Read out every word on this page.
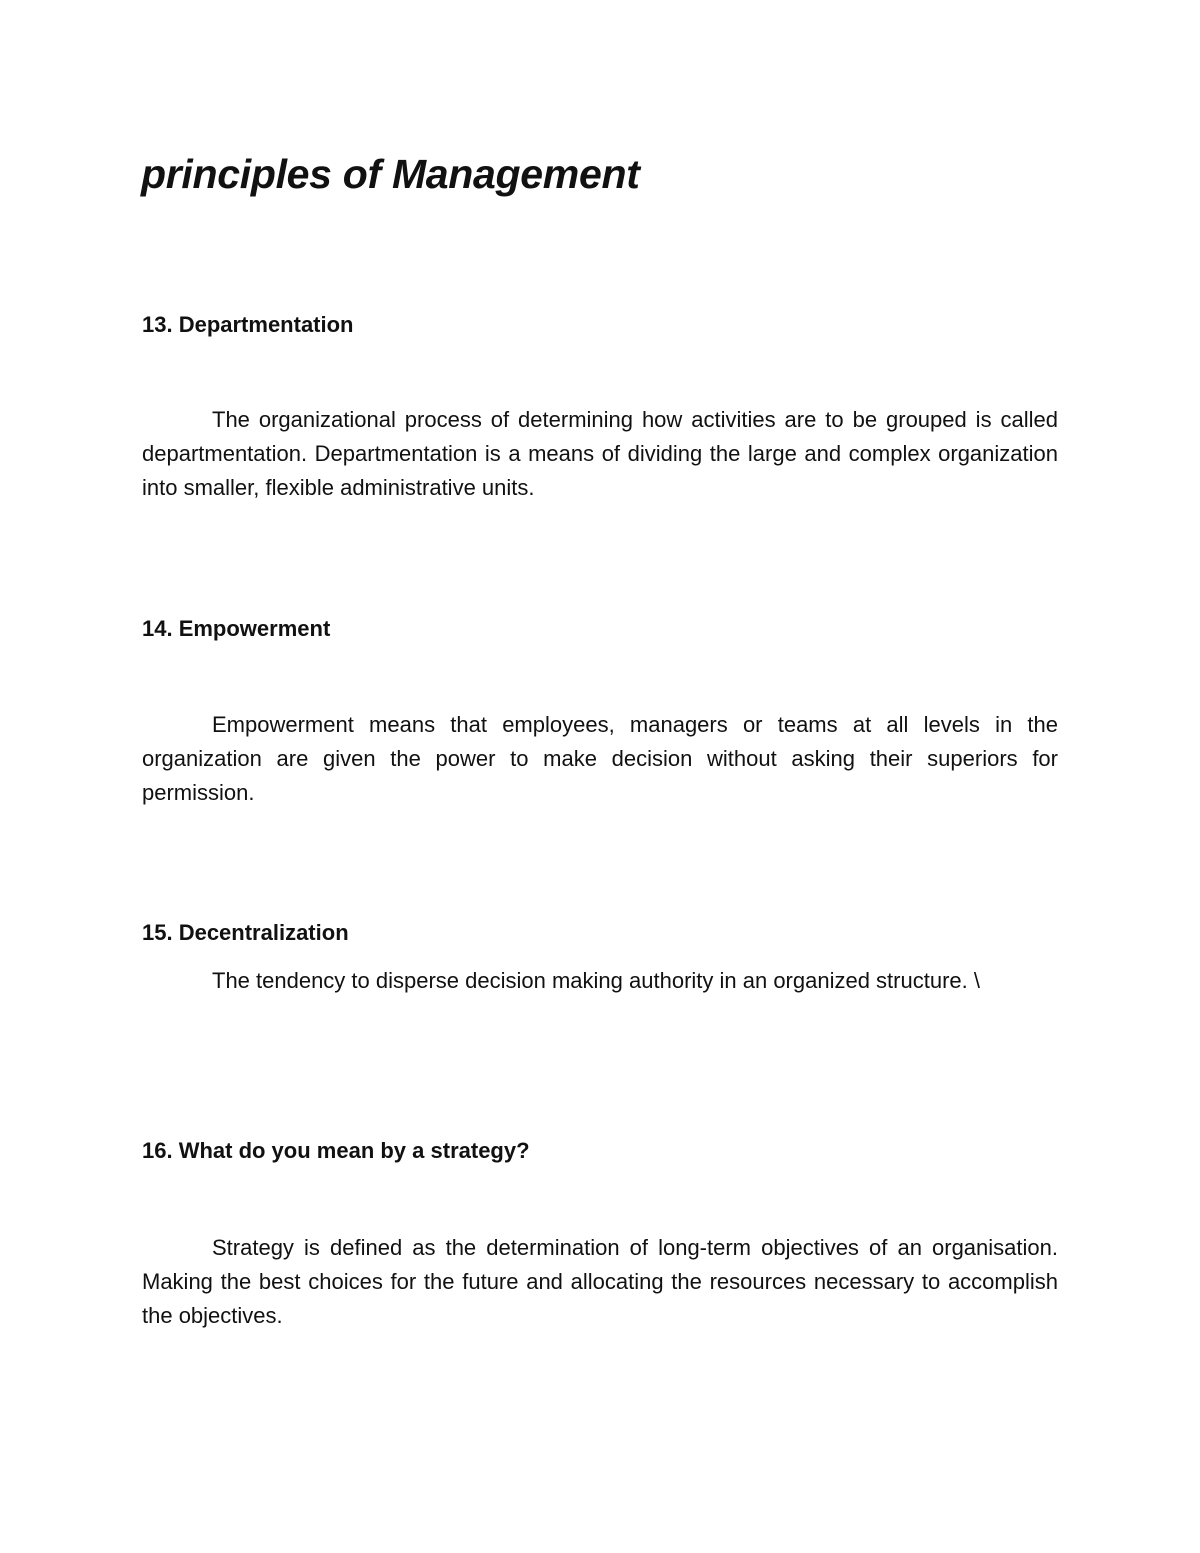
principles of Management
13. Departmentation

The organizational process of determining how activities are to be grouped is called departmentation. Departmentation is a means of dividing the large and complex organization into smaller, flexible administrative units.

14. Empowerment

Empowerment means that employees, managers or teams at all levels in the organization are given the power to make decision without asking their superiors for permission.

15. Decentralization

The tendency to disperse decision making authority in an organized structure. \

16. What do you mean by a strategy?

Strategy is defined as the determination of long-term objectives of an organisation. Making the best choices for the future and allocating the resources necessary to accomplish the objectives.
